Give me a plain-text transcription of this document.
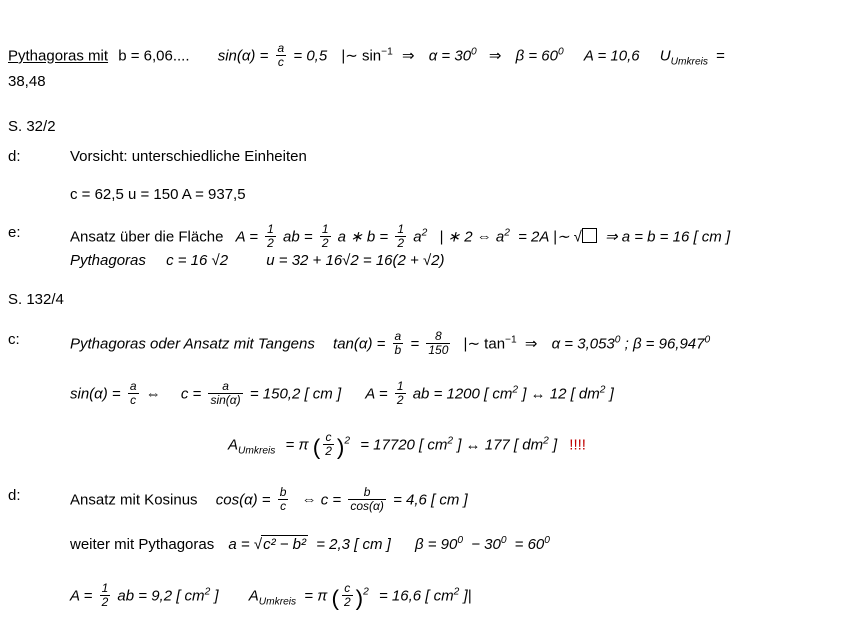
Pythagoras mit b = 6,06.... $\sin(\alpha) = \frac{a}{c} = 0,5$ |∼ $\sin^{-1}$ ⇒ $\alpha = 30^0$ ⇒ $\beta = 60^0$ A = 10,6 $U_{Umkreis}$ =
38,48
S. 32/2
d:	Vorsicht: unterschiedliche Einheiten
c = 62,5 u = 150 A = 937,5
e:	Ansatz über die Fläche $A = \frac{1}{2}$ ab = $\frac{1}{2}$ a ∗ $b = \frac{1}{2} a^2$ | ∗ 2 ⇔ $a^2 = 2A$ |∼ √ ⇒ a = b = 16 [ cm ]
Pythagoras c = 16 √2	u = 32 + 16√2 = 16(2 + √2)
S. 132/4
c:	Pythagoras oder Ansatz mit Tangens $\tan(\alpha) = \frac{a}{b} = \frac{8}{150}$ |∼ $\tan^{-1}$ ⇒ $\alpha = 3,053^0$ ; $\beta = 96,947^0$
$\sin(\alpha) = \frac{a}{c}$ ⇔ $c = \frac{a}{\sin(\alpha)} = 150,2$ [ cm ] $A = \frac{1}{2}$ ab = 1200 [ $cm^2$ ] ↔ 12 [ $dm^2$ ]
$A_{Umkreis} = \pi$ ( $\frac{c}{2} )^2 = 17720$ [ $cm^2$ ] ↔ 177 [ $dm^2$ ] !!!!
d:	Ansatz mit Kosinus $\cos(\alpha) = \frac{b}{c}$ ⇔ $c = \frac{b}{\cos(\alpha)} = 4,6$ [ cm ]
weiter mit Pythagoras a = √c² − b² = 2,3 [ cm ] $\beta = 90^0 - 30^0 = 60^0$
$A = \frac{1}{2}$ ab = 9,2 [ $cm^2$ ] $A_{Umkreis} = \pi$ ( $\frac{c}{2} )^2 = 16,6$ [ $cm^2$ ]|
